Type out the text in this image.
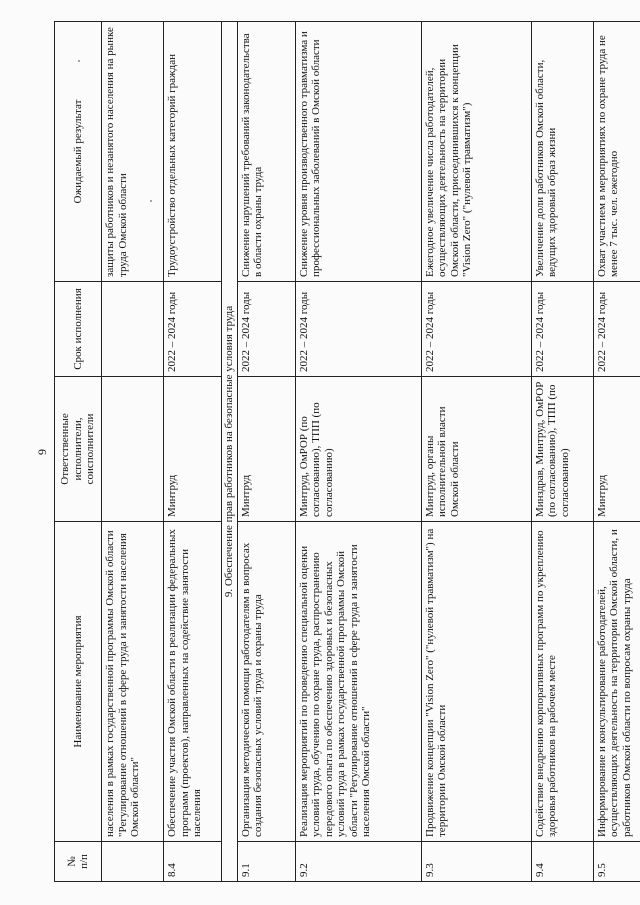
9
№
п/п	Наименование мероприятия	Ответственные исполнители, соисполнители	Срок исполнения	Ожидаемый результат
	населения в рамках государственной программы Омской области "Регулирование отношений в сфере труда и занятости населения Омской области"			защиты работников и незанятого населения на рынке труда Омской области
8.4	Обеспечение участия Омской области в реализации федеральных программ (проектов), направленных на содействие занятости населения	Минтруд	2022 – 2024 годы	Трудоустройство отдельных категорий граждан
9. Обеспечение прав работников на безопасные условия труда				
9.1	Организация методической помощи работодателям в вопросах создания безопасных условий труда и охраны труда	Минтруд	2022 – 2024 годы	Снижение нарушений требований законодательства в области охраны труда
9.2	Реализация мероприятий по проведению специальной оценки условий труда, обучению по охране труда, распространению передового опыта по обеспечению здоровых и безопасных условий труда в рамках государственной программы Омской области "Регулирование отношений в сфере труда и занятости населения Омской области"	Минтруд, ОмРОР (по согласованию), ТПП (по согласованию)	2022 – 2024 годы	Снижение уровня производственного травматизма и профессиональных заболеваний в Омской области
9.3	Продвижение концепции "Vision Zero" ("нулевой травматизм") на территории Омской области	Минтруд, органы исполнительной власти Омской области	2022 – 2024 годы	Ежегодное увеличение числа работодателей, осуществляющих деятельность на территории Омской области, присоединившихся к концепции "Vision Zero" ("нулевой травматизм")
9.4	Содействие внедрению корпоративных программ по укреплению здоровья работников на рабочем месте	Минздрав, Минтруд, ОмРОР (по согласованию), ТПП (по согласованию)	2022 – 2024 годы	Увеличение доли работников Омской области, ведущих здоровый образ жизни
9.5	Информирование и консультирование работодателей, осуществляющих деятельность на территории Омской области, и работников Омской области по вопросам охраны труда	Минтруд	2022 – 2024 годы	Охват участием в мероприятиях по охране труда не менее 7 тыс. чел. ежегодно
